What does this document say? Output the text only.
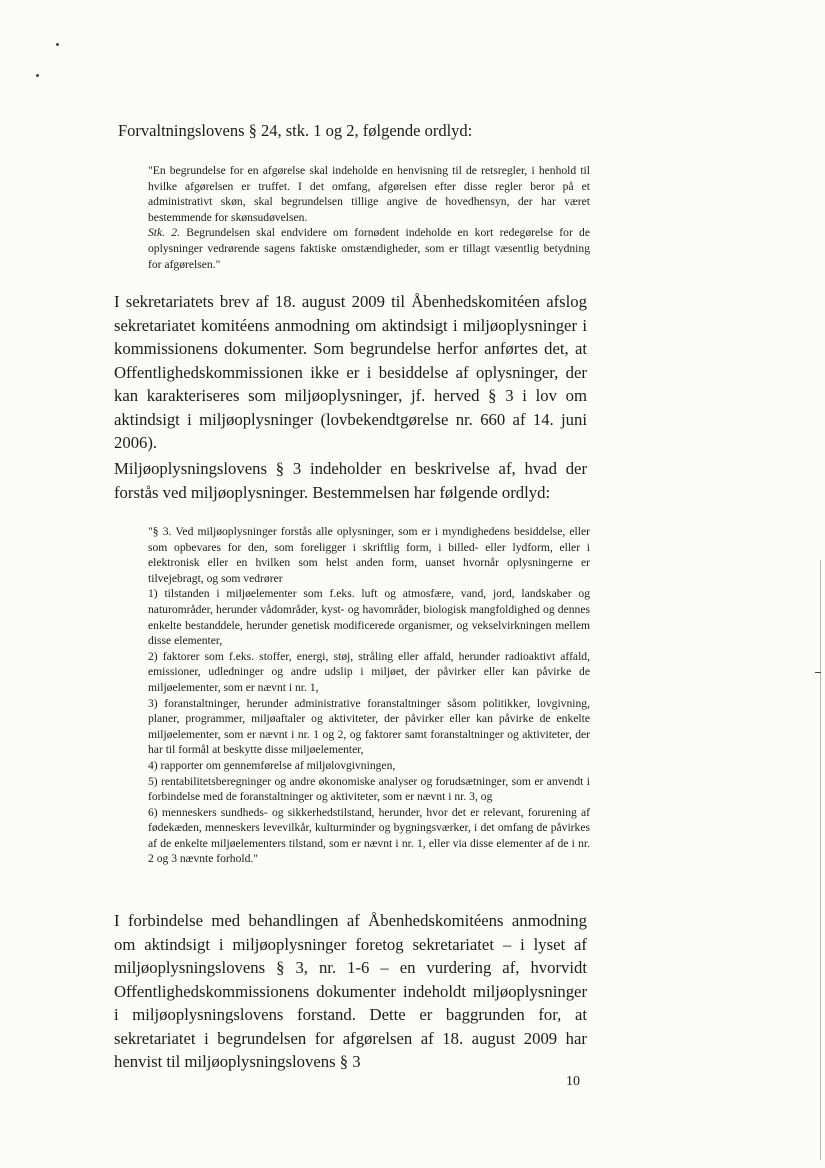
Forvaltningslovens § 24, stk. 1 og 2, følgende ordlyd:

"En begrundelse for en afgørelse skal indeholde en henvisning til de retsregler, i henhold til hvilke afgørelsen er truffet. I det omfang, afgørelsen efter disse regler beror på et administrativt skøn, skal begrundelsen tillige angive de hovedhensyn, der har været bestemmende for skønsudøvelsen.

Stk. 2. Begrundelsen skal endvidere om fornødent indeholde en kort redegørelse for de oplysninger vedrørende sagens faktiske omstændigheder, som er tillagt væsentlig betydning for afgørelsen."

I sekretariatets brev af 18. august 2009 til Åbenhedskomitéen afslog sekretariatet komitéens anmodning om aktindsigt i miljøoplysninger i kommissionens dokumenter. Som begrundelse herfor anførtes det, at Offentlighedskommissionen ikke er i besiddelse af oplysninger, der kan karakteriseres som miljøoplysninger, jf. herved § 3 i lov om aktindsigt i miljøoplysninger (lovbekendtgørelse nr. 660 af 14. juni 2006).

Miljøoplysningslovens § 3 indeholder en beskrivelse af, hvad der forstås ved miljøoplysninger. Bestemmelsen har følgende ordlyd:

"§ 3. Ved miljøoplysninger forstås alle oplysninger, som er i myndighedens besiddelse, eller som opbevares for den, som foreligger i skriftlig form, i billed- eller lydform, eller i elektronisk eller en hvilken som helst anden form, uanset hvornår oplysningerne er tilvejebragt, og som vedrører

1) tilstanden i miljøelementer som f.eks. luft og atmosfære, vand, jord, landskaber og naturområder, herunder vådområder, kyst- og havområder, biologisk mangfoldighed og dennes enkelte bestanddele, herunder genetisk modificerede organismer, og vekselvirkningen mellem disse elementer,

2) faktorer som f.eks. stoffer, energi, støj, stråling eller affald, herunder radioaktivt affald, emissioner, udledninger og andre udslip i miljøet, der påvirker eller kan påvirke de miljøelementer, som er nævnt i nr. 1,

3) foranstaltninger, herunder administrative foranstaltninger såsom politikker, lovgivning, planer, programmer, miljøaftaler og aktiviteter, der påvirker eller kan påvirke de enkelte miljøelementer, som er nævnt i nr. 1 og 2, og faktorer samt foranstaltninger og aktiviteter, der har til formål at beskytte disse miljøelementer,

4) rapporter om gennemførelse af miljølovgivningen,

5) rentabilitetsberegninger og andre økonomiske analyser og forudsætninger, som er anvendt i forbindelse med de foranstaltninger og aktiviteter, som er nævnt i nr. 3, og

6) menneskers sundheds- og sikkerhedstilstand, herunder, hvor det er relevant, forurening af fødekæden, menneskers levevilkår, kulturminder og bygningsværker, i det omfang de påvirkes af de enkelte miljøelementers tilstand, som er nævnt i nr. 1, eller via disse elementer af de i nr. 2 og 3 nævnte forhold."

I forbindelse med behandlingen af Åbenhedskomitéens anmodning om aktindsigt i miljøoplysninger foretog sekretariatet – i lyset af miljøoplysningslovens § 3, nr. 1-6 – en vurdering af, hvorvidt Offentlighedskommissionens dokumenter indeholdt miljøoplysninger i miljøoplysningslovens forstand. Dette er baggrunden for, at sekretariatet i begrundelsen for afgørelsen af 18. august 2009 har henvist til miljøoplysningslovens § 3

10
